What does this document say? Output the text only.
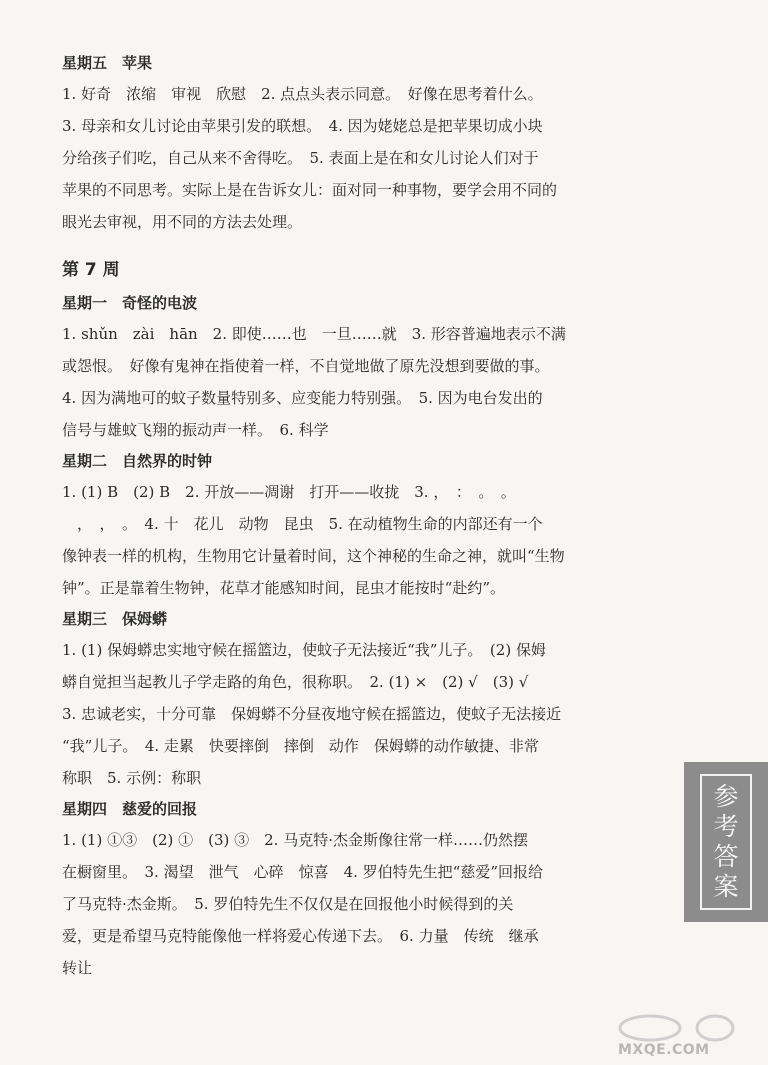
星期五　苹果
1. 好奇　浓缩　审视　欣慰　2. 点点头表示同意。　好像在思考着什么。
3. 母亲和女儿讨论由苹果引发的联想。　4. 因为姥姥总是把苹果切成小块
分给孩子们吃，自己从来不舍得吃。　5. 表面上是在和女儿讨论人们对于
苹果的不同思考。实际上是在告诉女儿：面对同一种事物，要学会用不同的
眼光去审视，用不同的方法去处理。
第 7 周
星期一　奇怪的电波
1. shǔn　zài　hān　2. 即使……也　一旦……就　3. 形容普遍地表示不满
或怨恨。　好像有鬼神在指使着一样，不自觉地做了原先没想到要做的事。
4. 因为满地可的蚊子数量特别多、应变能力特别强。　5. 因为电台发出的
信号与雄蚊飞翔的振动声一样。　6. 科学
星期二　自然界的时钟
1. (1) B　(2) B　2. 开放——凋谢　打开——收拢　3. ，　：　。　。
　，　，　。　4. 十　花儿　动物　昆虫　5. 在动植物生命的内部还有一个
像钟表一样的机构，生物用它计量着时间，这个神秘的生命之神，就叫“生物
钟”。正是靠着生物钟，花草才能感知时间，昆虫才能按时“赴约”。
星期三　保姆蟒
1. (1) 保姆蟒忠实地守候在摇篮边，使蚊子无法接近“我”儿子。　(2) 保姆
蟒自觉担当起教儿子学走路的角色，很称职。　2. (1) ×　(2) √　(3) √
3. 忠诚老实，十分可靠　保姆蟒不分昼夜地守候在摇篮边，使蚊子无法接近
“我”儿子。　4. 走累　快要摔倒　摔倒　动作　保姆蟒的动作敏捷、非常
称职　5. 示例：称职
星期四　慈爱的回报
1. (1) ①③　(2) ①　(3) ③　2. 马克特·杰金斯像往常一样……仍然摆
在橱窗里。　3. 渴望　泄气　心碎　惊喜　4. 罗伯特先生把“慈爱”回报给
了马克特·杰金斯。　5. 罗伯特先生不仅仅是在回报他小时候得到的关
爱，更是希望马克特能像他一样将爱心传递下去。　6. 力量　传统　继承
转让
参
考
答
案
MXQE.COM
